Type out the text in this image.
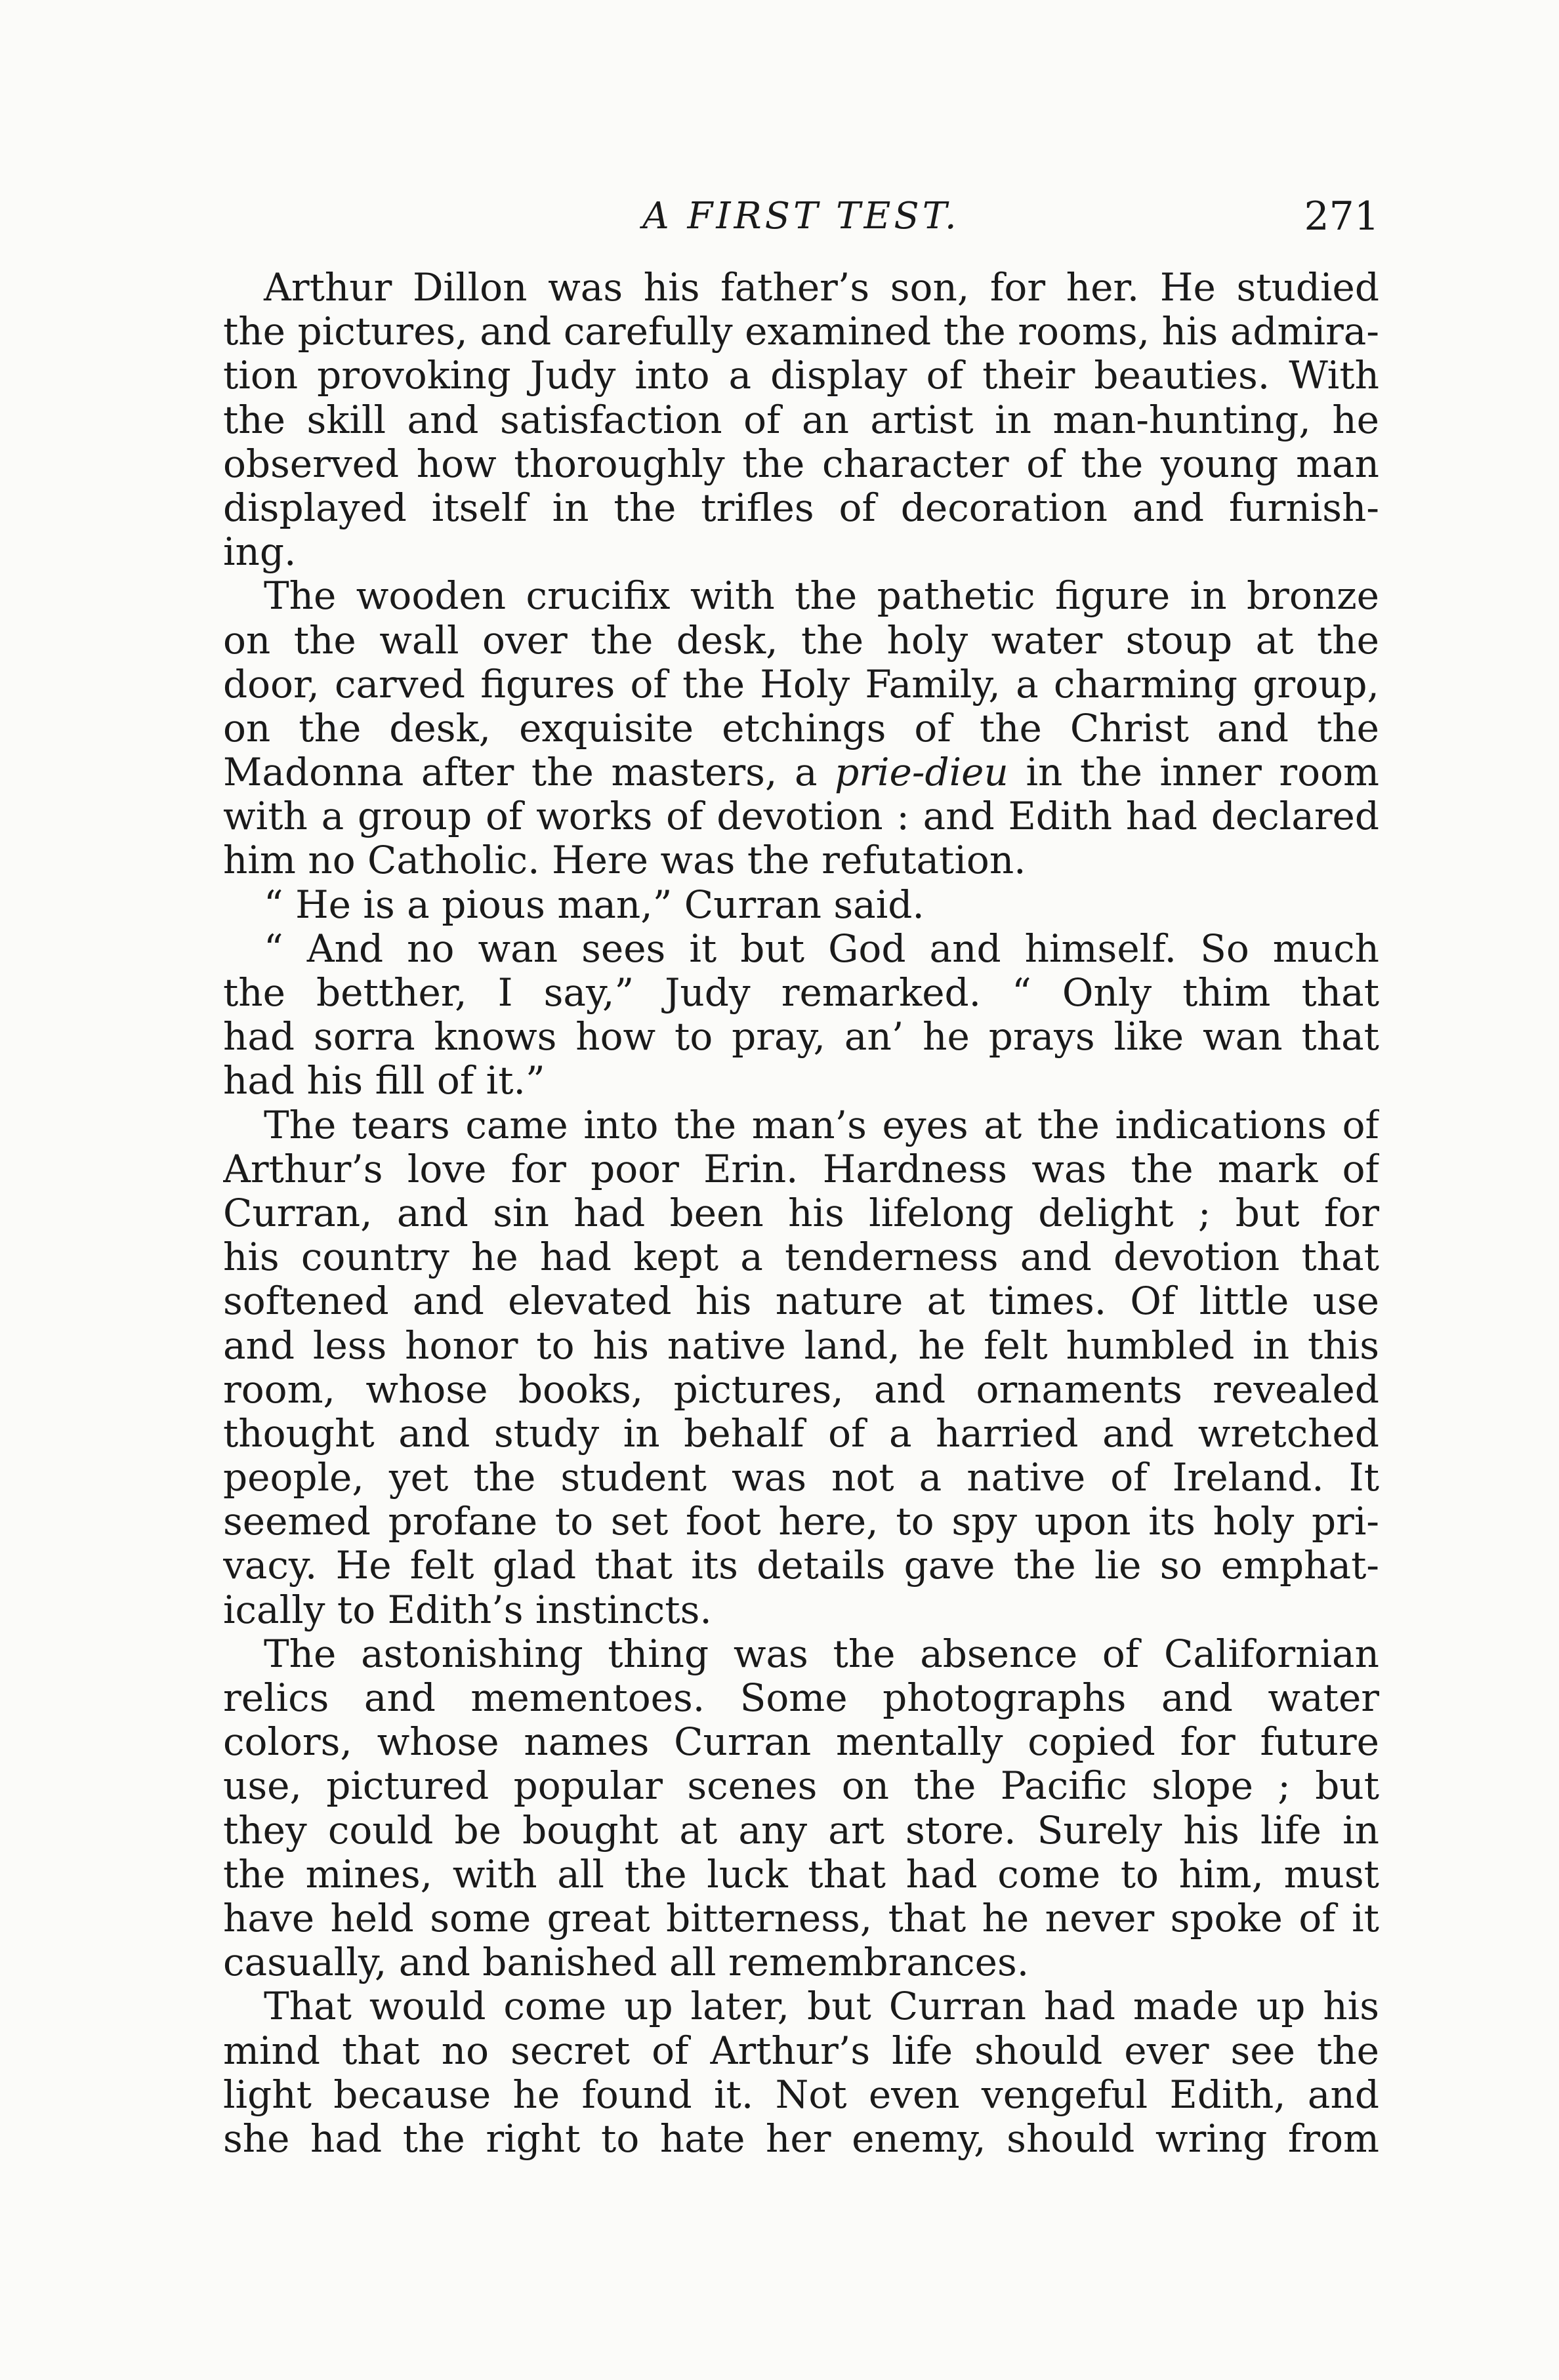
A FIRST TEST.	271
Arthur Dillon was his father’s son, for her. He studied
the pictures, and carefully examined the rooms, his admira-
tion provoking Judy into a display of their beauties. With
the skill and satisfaction of an artist in man-hunting, he
observed how thoroughly the character of the young man
displayed itself in the trifles of decoration and furnish-
ing.
The wooden crucifix with the pathetic figure in bronze
on the wall over the desk, the holy water stoup at the
door, carved figures of the Holy Family, a charming group,
on the desk, exquisite etchings of the Christ and the
Madonna after the masters, a prie-dieu in the inner room
with a group of works of devotion : and Edith had declared
him no Catholic. Here was the refutation.
“ He is a pious man,” Curran said.
“ And no wan sees it but God and himself. So much
the betther, I say,” Judy remarked. “ Only thim that
had sorra knows how to pray, an’ he prays like wan that
had his fill of it.”
The tears came into the man’s eyes at the indications of
Arthur’s love for poor Erin. Hardness was the mark of
Curran, and sin had been his lifelong delight ; but for
his country he had kept a tenderness and devotion that
softened and elevated his nature at times. Of little use
and less honor to his native land, he felt humbled in this
room, whose books, pictures, and ornaments revealed
thought and study in behalf of a harried and wretched
people, yet the student was not a native of Ireland. It
seemed profane to set foot here, to spy upon its holy pri-
vacy. He felt glad that its details gave the lie so emphat-
ically to Edith’s instincts.
The astonishing thing was the absence of Californian
relics and mementoes. Some photographs and water
colors, whose names Curran mentally copied for future
use, pictured popular scenes on the Pacific slope ; but
they could be bought at any art store. Surely his life in
the mines, with all the luck that had come to him, must
have held some great bitterness, that he never spoke of it
casually, and banished all remembrances.
That would come up later, but Curran had made up his
mind that no secret of Arthur’s life should ever see the
light because he found it. Not even vengeful Edith, and
she had the right to hate her enemy, should wring from
